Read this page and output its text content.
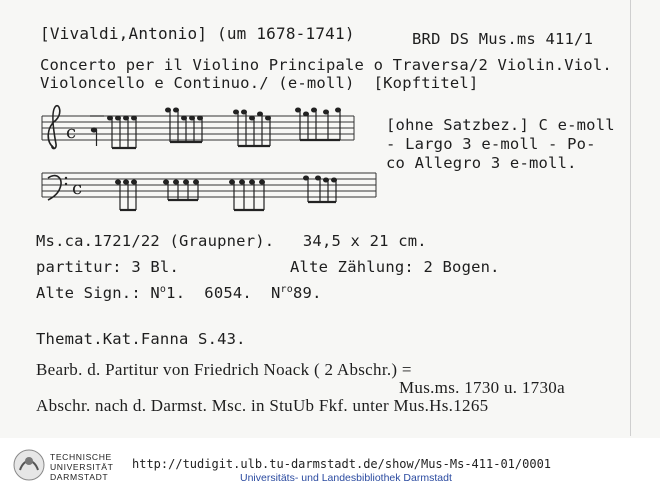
[Vivaldi,Antonio] (um 1678-1741)	BRD DS Mus.ms 411/1
Concerto per il Violino Principale o Traversa/2 Violin.Viol.
Violoncello e Continuo./ (e-moll)  [Kopftitel]
c
c
[ohne Satzbez.] C e-moll
- Largo 3 e-moll - Po-
co Allegro 3 e-moll.
Ms.ca.1721/22 (Graupner).   34,5 x 21 cm.
partitur: 3 Bl.	Alte Zählung: 2 Bogen.
Alte Sign.: $N^o1$.  6054.  $N^{ro}89$.
Themat.Kat.Fanna S.43.
Bearb. d. Partitur von Friedrich Noack ( 2 Abschr.) =
Mus.ms. 1730 u. 1730a
Abschr. nach d. Darmst. Msc. in StuUb Fkf. unter Mus.Hs.1265
TECHNISCHE
UNIVERSITÄT
DARMSTADT
http://tudigit.ulb.tu-darmstadt.de/show/Mus-Ms-411-01/0001
Universitäts- und Landesbibliothek Darmstadt
